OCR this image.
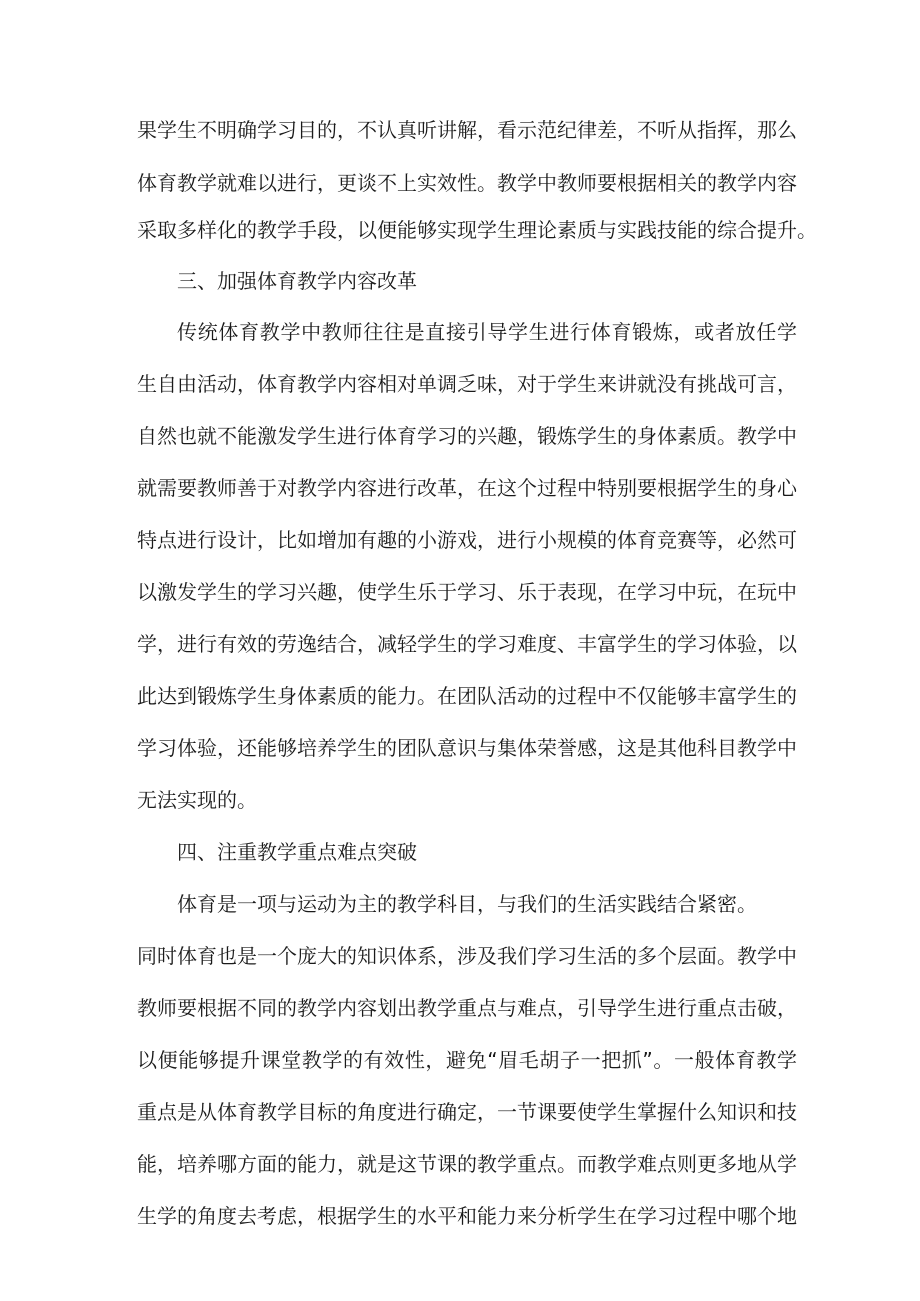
果学生不明确学习目的，不认真听讲解，看示范纪律差，不听从指挥，那么
体育教学就难以进行，更谈不上实效性。教学中教师要根据相关的教学内容
采取多样化的教学手段，以便能够实现学生理论素质与实践技能的综合提升。
三、加强体育教学内容改革
传统体育教学中教师往往是直接引导学生进行体育锻炼，或者放任学
生自由活动，体育教学内容相对单调乏味，对于学生来讲就没有挑战可言，
自然也就不能激发学生进行体育学习的兴趣，锻炼学生的身体素质。教学中
就需要教师善于对教学内容进行改革，在这个过程中特别要根据学生的身心
特点进行设计，比如增加有趣的小游戏，进行小规模的体育竞赛等，必然可
以激发学生的学习兴趣，使学生乐于学习、乐于表现，在学习中玩，在玩中
学，进行有效的劳逸结合，减轻学生的学习难度、丰富学生的学习体验，以
此达到锻炼学生身体素质的能力。在团队活动的过程中不仅能够丰富学生的
学习体验，还能够培养学生的团队意识与集体荣誉感，这是其他科目教学中
无法实现的。
四、注重教学重点难点突破
体育是一项与运动为主的教学科目，与我们的生活实践结合紧密。
同时体育也是一个庞大的知识体系，涉及我们学习生活的多个层面。教学中
教师要根据不同的教学内容划出教学重点与难点，引导学生进行重点击破，
以便能够提升课堂教学的有效性，避免“眉毛胡子一把抓”。一般体育教学
重点是从体育教学目标的角度进行确定，一节课要使学生掌握什么知识和技
能，培养哪方面的能力，就是这节课的教学重点。而教学难点则更多地从学
生学的角度去考虑，根据学生的水平和能力来分析学生在学习过程中哪个地
